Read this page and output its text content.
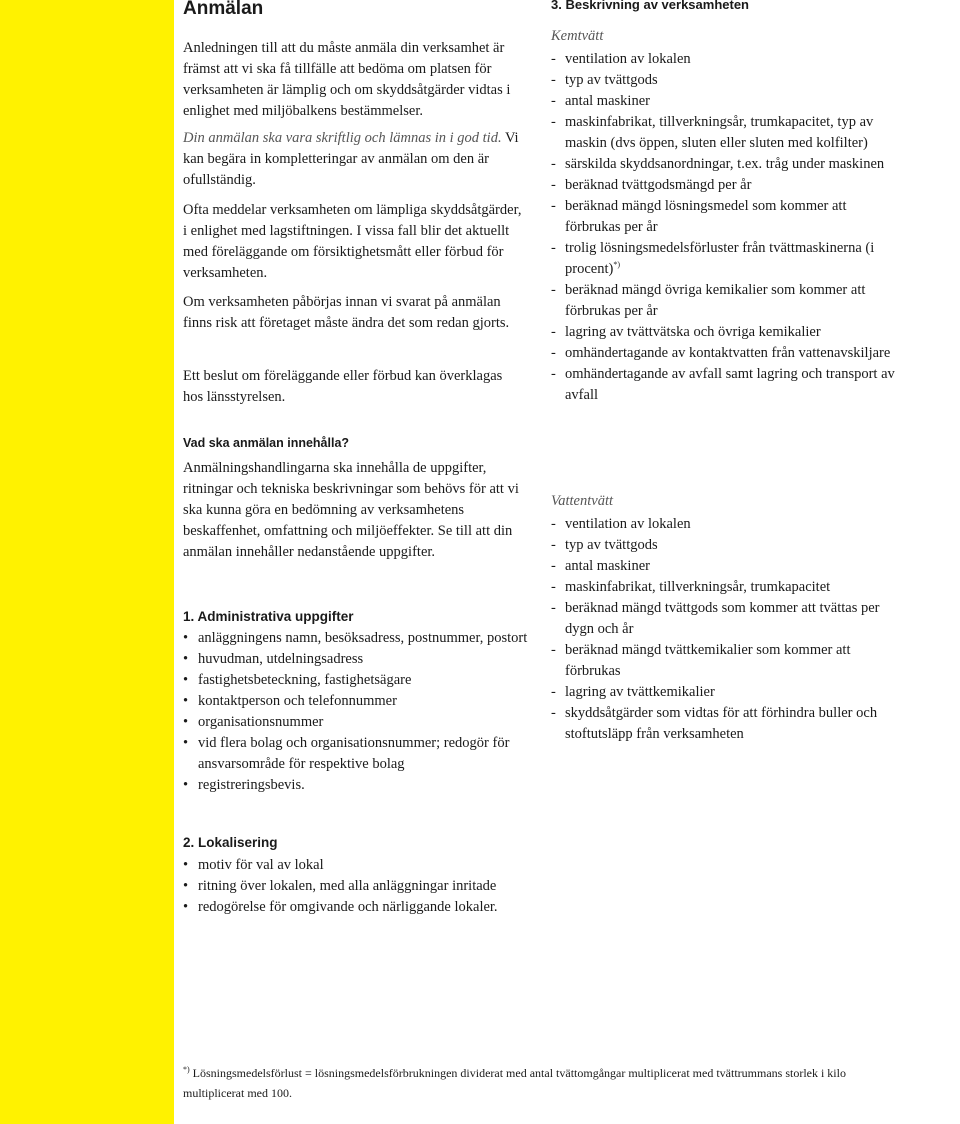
Anmälan

Anledningen till att du måste anmäla din verksamhet är främst att vi ska få tillfälle att bedöma om platsen för verksamheten är lämplig och om skyddsåtgärder vidtas i enlighet med miljöbalkens bestämmelser.

Din anmälan ska vara skriftlig och lämnas in i god tid. Vi kan begära in kompletteringar av anmälan om den är ofullständig.

Ofta meddelar verksamheten om lämpliga skyddsåtgärder, i enlighet med lagstiftningen. I vissa fall blir det aktuellt med föreläggande om försiktighetsmått eller förbud för verksamheten.

Om verksamheten påbörjas innan vi svarat på anmälan finns risk att företaget måste ändra det som redan gjorts.

Ett beslut om föreläggande eller förbud kan överklagas hos länsstyrelsen.

Vad ska anmälan innehålla?

Anmälningshandlingarna ska innehålla de uppgifter, ritningar och tekniska beskrivningar som behövs för att vi ska kunna göra en bedömning av verksamhetens beskaffenhet, omfattning och miljöeffekter. Se till att din anmälan innehåller nedanstående uppgifter.

1. Administrativa uppgifter
• anläggningens namn, besöksadress, postnummer, postort
• huvudman, utdelningsadress
• fastighetsbeteckning, fastighetsägare
• kontaktperson och telefonnummer
• organisationsnummer
• vid flera bolag och organisationsnummer; redogör för ansvarsområde för respektive bolag
• registreringsbevis.
2. Lokalisering
• motiv för val av lokal
• ritning över lokalen, med alla anläggningar inritade
• redogörelse för omgivande och närliggande lokaler.
3. Beskrivning av verksamheten

Kemtvätt

- ventilation av lokalen
- typ av tvättgods
- antal maskiner
- maskinfabrikat, tillverkningsår, trumkapacitet, typ av maskin (dvs öppen, sluten eller sluten med kolfilter)
- särskilda skyddsanordningar, t.ex. tråg under maskinen
- beräknad tvättgodsmängd per år
- beräknad mängd lösningsmedel som kommer att förbrukas per år
- trolig lösningsmedelsförluster från tvättmaskinerna (i procent)*)
- beräknad mängd övriga kemikalier som kommer att förbrukas per år
- lagring av tvättvätska och övriga kemikalier
- omhändertagande av kontaktvatten från vattenavskiljare
- omhändertagande av avfall samt lagring och transport av avfall

Vattentvätt

- ventilation av lokalen
- typ av tvättgods
- antal maskiner
- maskinfabrikat, tillverkningsår, trumkapacitet
- beräknad mängd tvättgods som kommer att tvättas per dygn och år
- beräknad mängd tvättkemikalier som kommer att förbrukas
- lagring av tvättkemikalier
- skyddsåtgärder som vidtas för att förhindra buller och stoftutsläpp från verksamheten
*) Lösningsmedelsförlust = lösningsmedelsförbrukningen dividerat med antal tvättomgångar multiplicerat med tvättrummans storlek i kilo multiplicerat med 100.
